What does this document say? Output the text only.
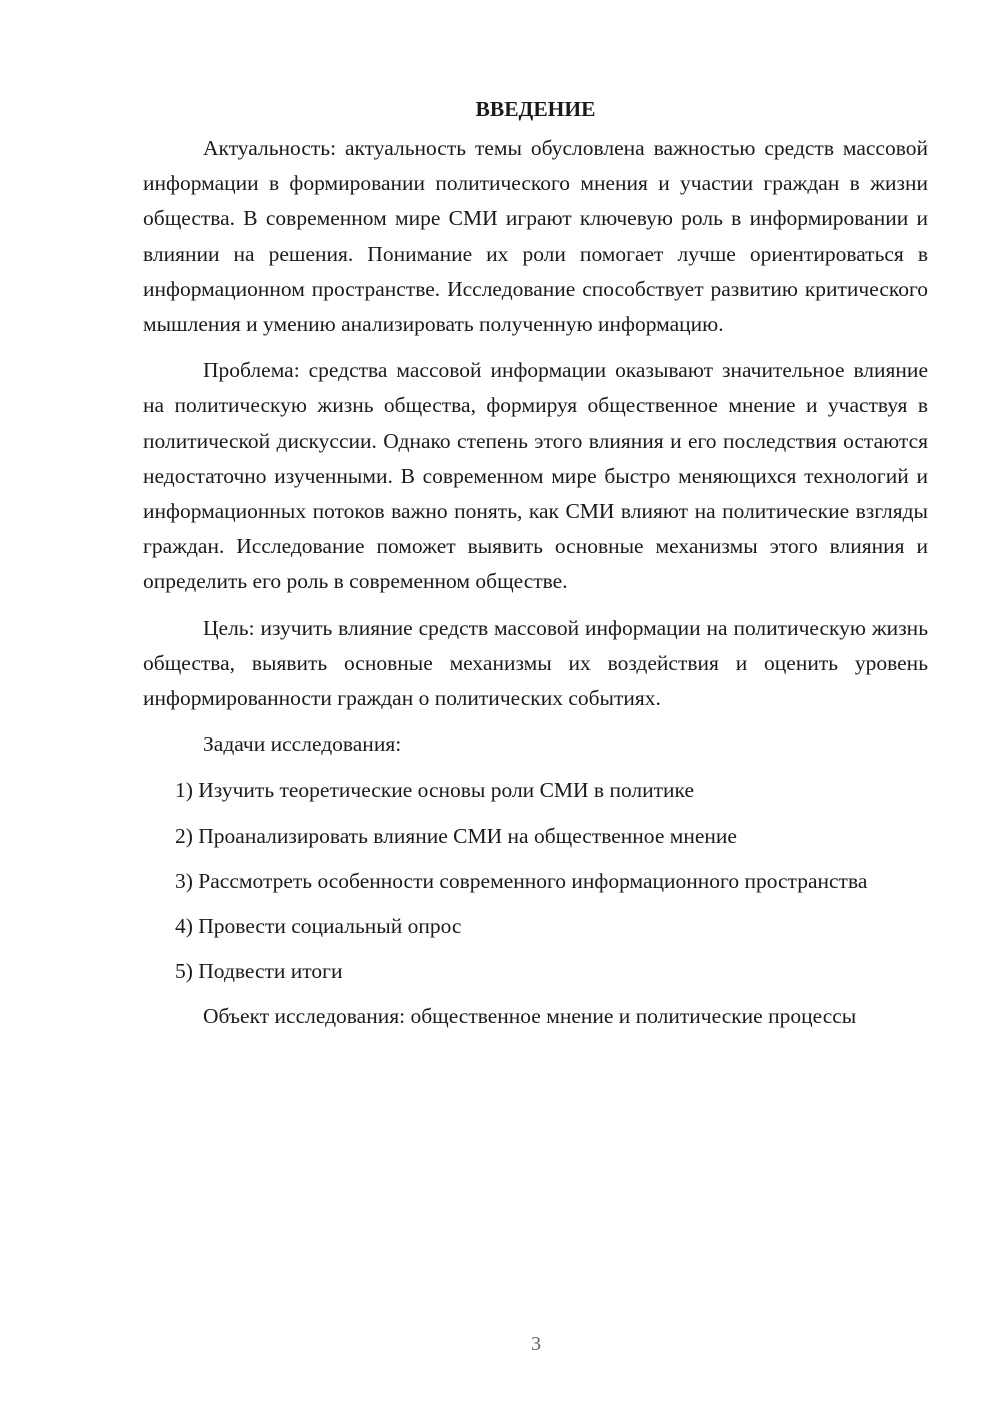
ВВЕДЕНИЕ

Актуальность: актуальность темы обусловлена важностью средств массовой информации в формировании политического мнения и участии граждан в жизни общества. В современном мире СМИ играют ключевую роль в информировании и влиянии на решения. Понимание их роли помогает лучше ориентироваться в информационном пространстве. Исследование способствует развитию критического мышления и умению анализировать полученную информацию.

Проблема: средства массовой информации оказывают значительное влияние на политическую жизнь общества, формируя общественное мнение и участвуя в политической дискуссии. Однако степень этого влияния и его последствия остаются недостаточно изученными. В современном мире быстро меняющихся технологий и информационных потоков важно понять, как СМИ влияют на политические взгляды граждан. Исследование поможет выявить основные механизмы этого влияния и определить его роль в современном обществе.

Цель: изучить влияние средств массовой информации на политическую жизнь общества, выявить основные механизмы их воздействия и оценить уровень информированности граждан о политических событиях.

Задачи исследования:

1) Изучить теоретические основы роли СМИ в политике

2) Проанализировать влияние СМИ на общественное мнение

3) Рассмотреть особенности современного информационного пространства

4) Провести социальный опрос

5) Подвести итоги

Объект исследования: общественное мнение и политические процессы

3
